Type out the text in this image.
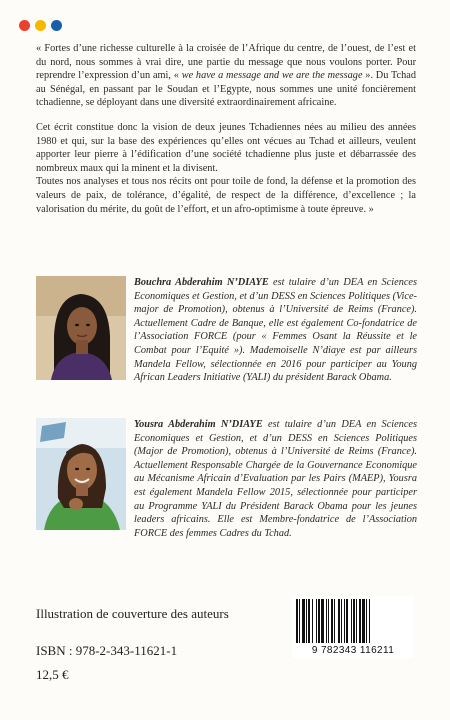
« Fortes d’une richesse culturelle à la croisée de l’Afrique du centre, de l’ouest, de l’est et du nord, nous sommes à vrai dire, une partie du message que nous voulons porter. Pour reprendre l’expression d’un ami, « we have a message and we are the message ». Du Tchad au Sénégal, en passant par le Soudan et l’Egypte, nous sommes une unité foncièrement tchadienne, se déployant dans une diversité extraordinairement africaine.

Cet écrit constitue donc la vision de deux jeunes Tchadiennes nées au milieu des années 1980 et qui, sur la base des expériences qu’elles ont vécues au Tchad et ailleurs, veulent apporter leur pierre à l’édification d’une société tchadienne plus juste et débarrassée des nombreux maux qui la minent et la divisent.

Toutes nos analyses et tous nos récits ont pour toile de fond, la défense et la promotion des valeurs de paix, de tolérance, d’égalité, de respect de la différence, d’excellence ; la valorisation du mérite, du goût de l’effort, et un afro-optimisme à toute épreuve. »

Bouchra Abderahim N’DIAYE est tulaire d’un DEA en Sciences Economiques et Gestion, et d’un DESS en Sciences Politiques (Vice-major de Promotion), obtenus à l’Université de Reims (France). Actuellement Cadre de Banque, elle est également Co-fondatrice de l’Association FORCE (pour « Femmes Osant la Réussite et le Combat pour l’Equité »). Mademoiselle N’diaye est par ailleurs Mandela Fellow, sélectionnée en 2016 pour participer au Young African Leaders Initiative (YALI) du président Barack Obama.
Yousra Abderahim N’DIAYE est tulaire d’un DEA en Sciences Economiques et Gestion, et d’un DESS en Sciences Politiques (Major de Promotion), obtenus à l’Université de Reims (France). Actuellement Responsable Chargée de la Gouvernance Economique au Mécanisme Africain d’Evaluation par les Pairs (MAEP), Yousra est également Mandela Fellow 2015, sélectionnée pour participer au Programme YALI du Président Barack Obama pour les jeunes leaders africains. Elle est Membre-fondatrice de l’Association FORCE des femmes Cadres du Tchad.
Illustration de couverture des auteurs
ISBN : 978-2-343-11621-1
12,5 €
9 782343 116211
